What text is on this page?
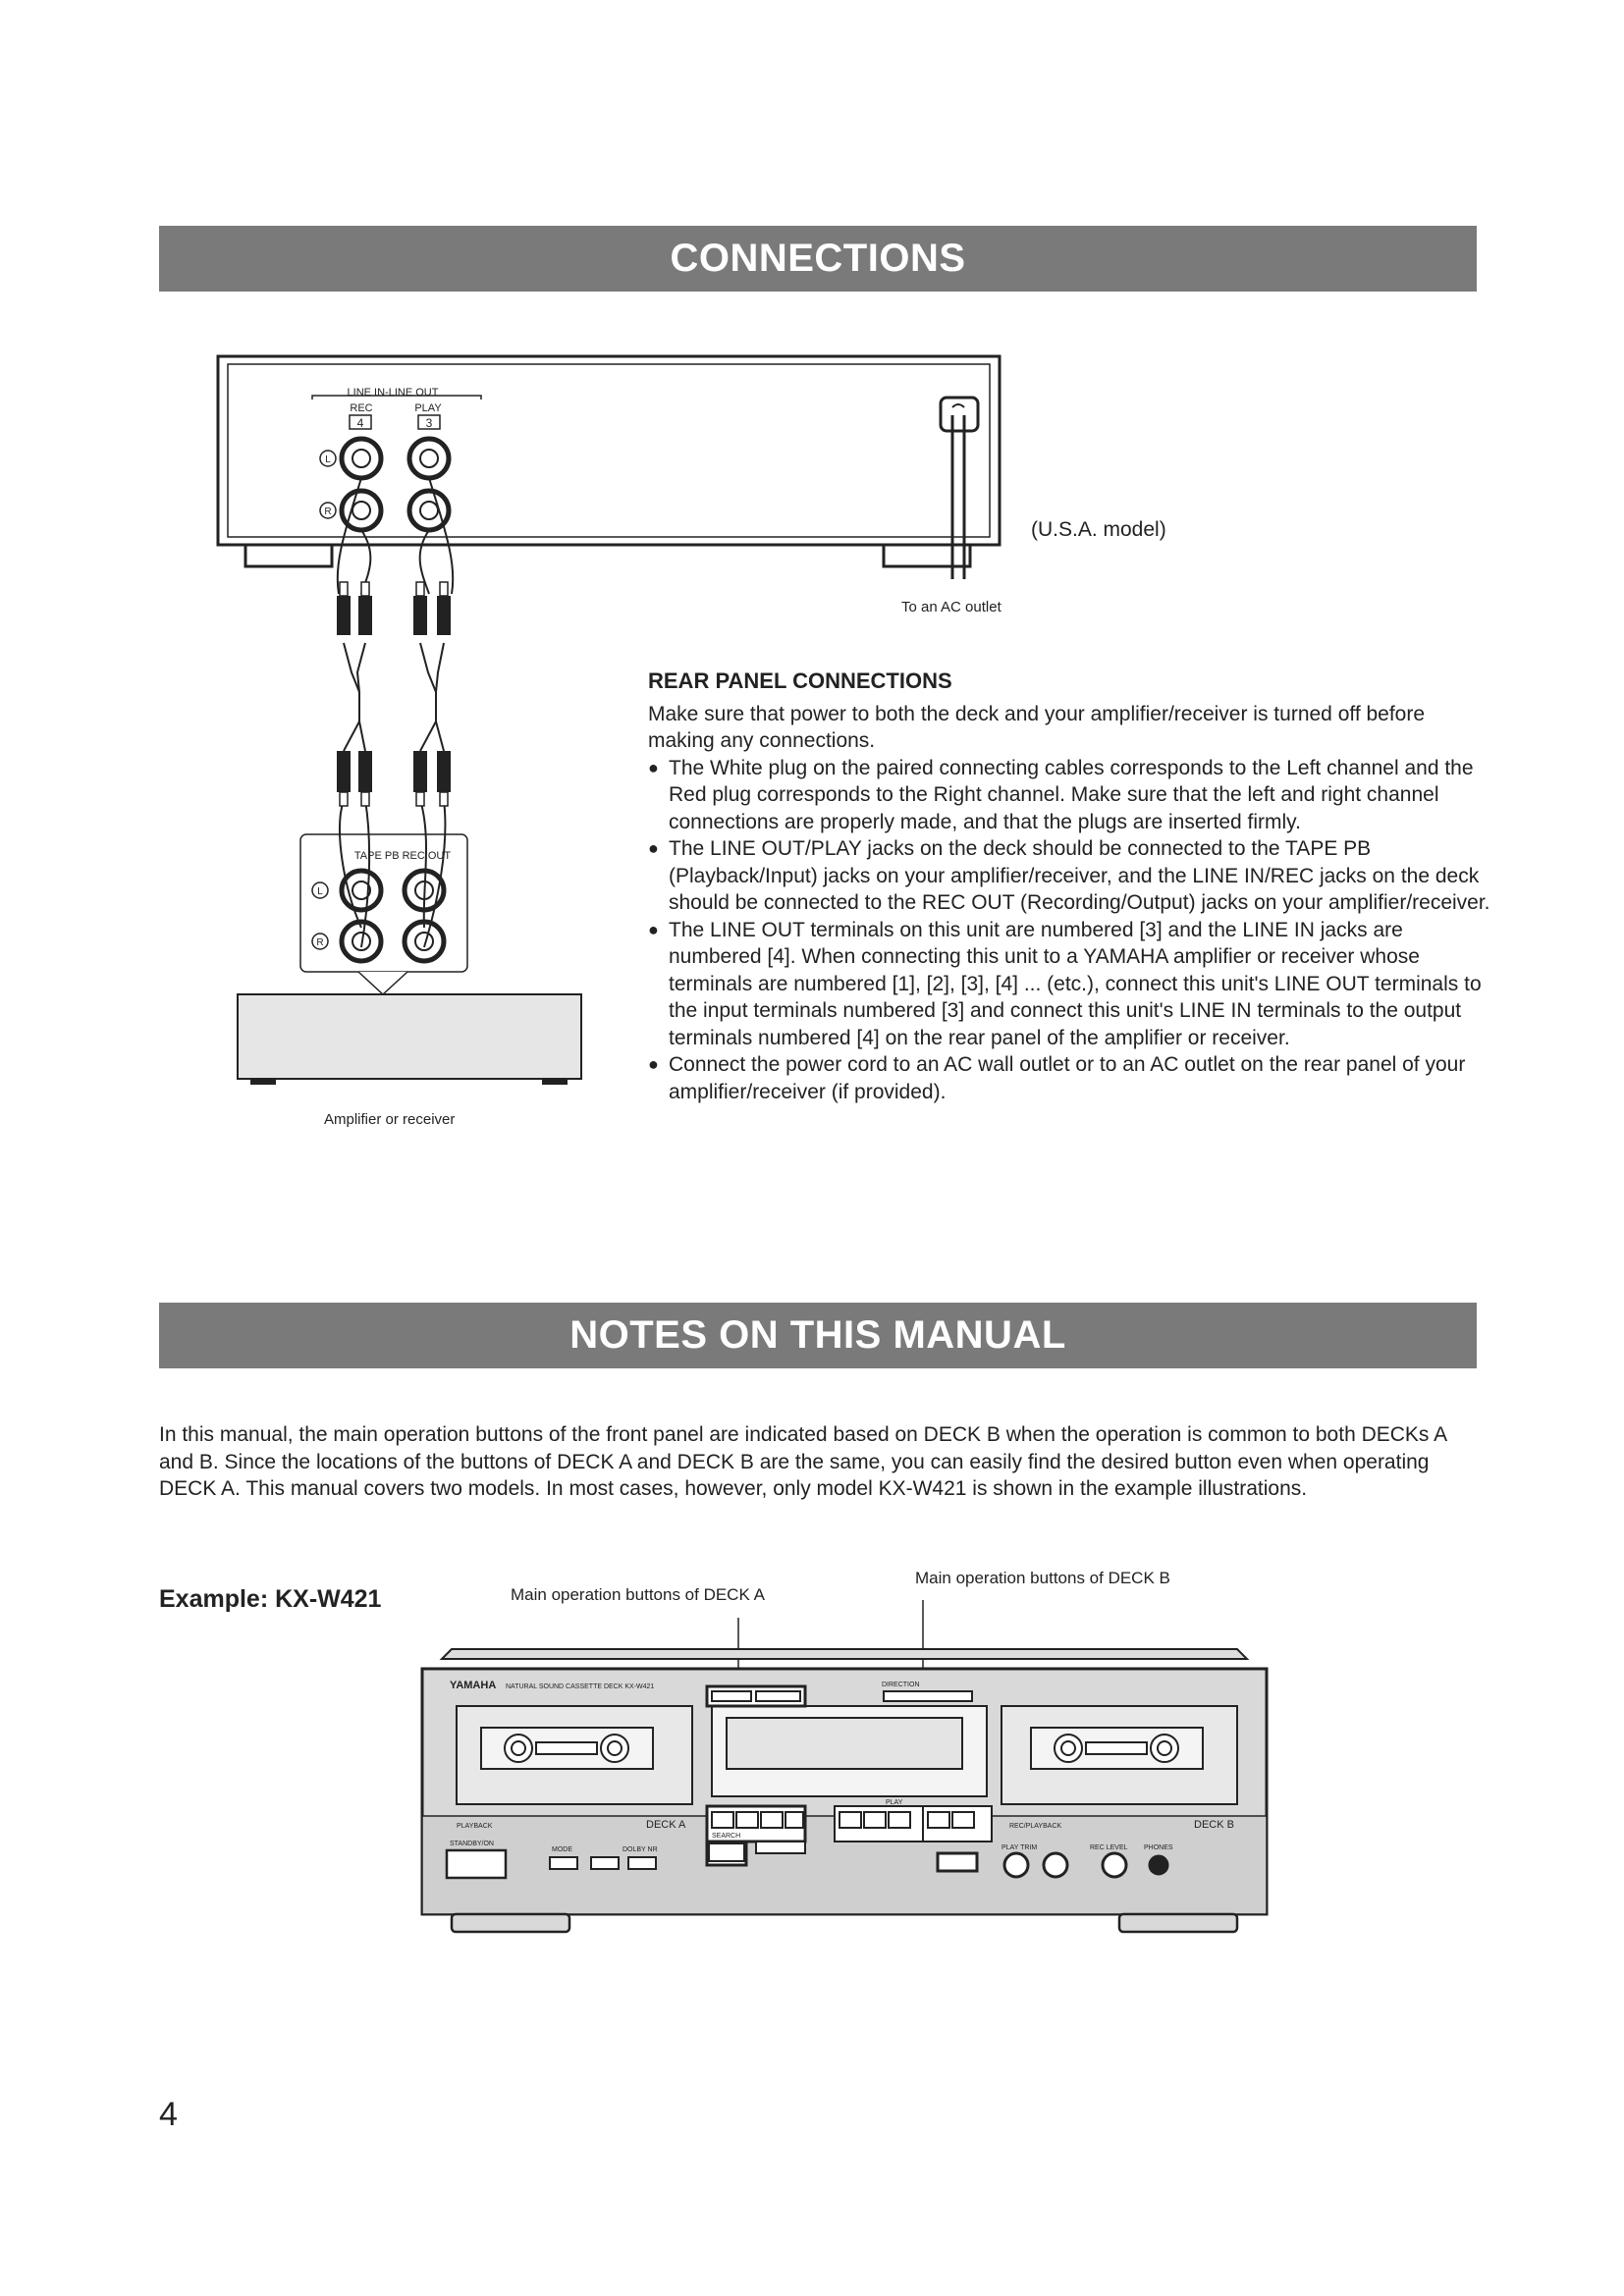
CONNECTIONS
NOTES ON THIS MANUAL
LINE IN-LINE OUT
REC	PLAY
4	3
L
R
L
R
TAPE PB REC OUT
(U.S.A. model)
To an AC outlet
Amplifier or receiver
REAR PANEL CONNECTIONS

Make sure that power to both the deck and your amplifier/receiver is turned off before making any connections.

● The White plug on the paired connecting cables corresponds to the Left channel and the Red plug corresponds to the Right channel. Make sure that the left and right channel connections are properly made, and that the plugs are inserted firmly.
● The LINE OUT/PLAY jacks on the deck should be connected to the TAPE PB (Playback/Input) jacks on your amplifier/receiver, and the LINE IN/REC jacks on the deck should be connected to the REC OUT (Recording/Output) jacks on your amplifier/receiver.
● The LINE OUT terminals on this unit are numbered [3] and the LINE IN jacks are numbered [4]. When connecting this unit to a YAMAHA amplifier or receiver whose terminals are numbered [1], [2], [3], [4] ... (etc.), connect this unit's LINE OUT terminals to the input terminals numbered [3] and connect this unit's LINE IN terminals to the output terminals numbered [4] on the rear panel of the amplifier or receiver.
● Connect the power cord to an AC wall outlet or to an AC outlet on the rear panel of your amplifier/receiver (if provided).

In this manual, the main operation buttons of the front panel are indicated based on DECK B when the operation is common to both DECKs A and B. Since the locations of the buttons of DECK A and DECK B are the same, you can easily find the desired button even when operating DECK A. This manual covers two models. In most cases, however, only model KX-W421 is shown in the example illustrations.

Example: KX-W421	Main operation buttons of DECK A
Main operation buttons of DECK B
YAMAHA NATURAL SOUND CASSETTE DECK KX-W421
DECK A	DECK B
PLAYBACK	REC/PLAYBACK
STANDBY/ON
MODE	DOLBY NR
SEARCH
DIRECTION
PLAY
PLAY TRIM	REC LEVEL PHONES
4
